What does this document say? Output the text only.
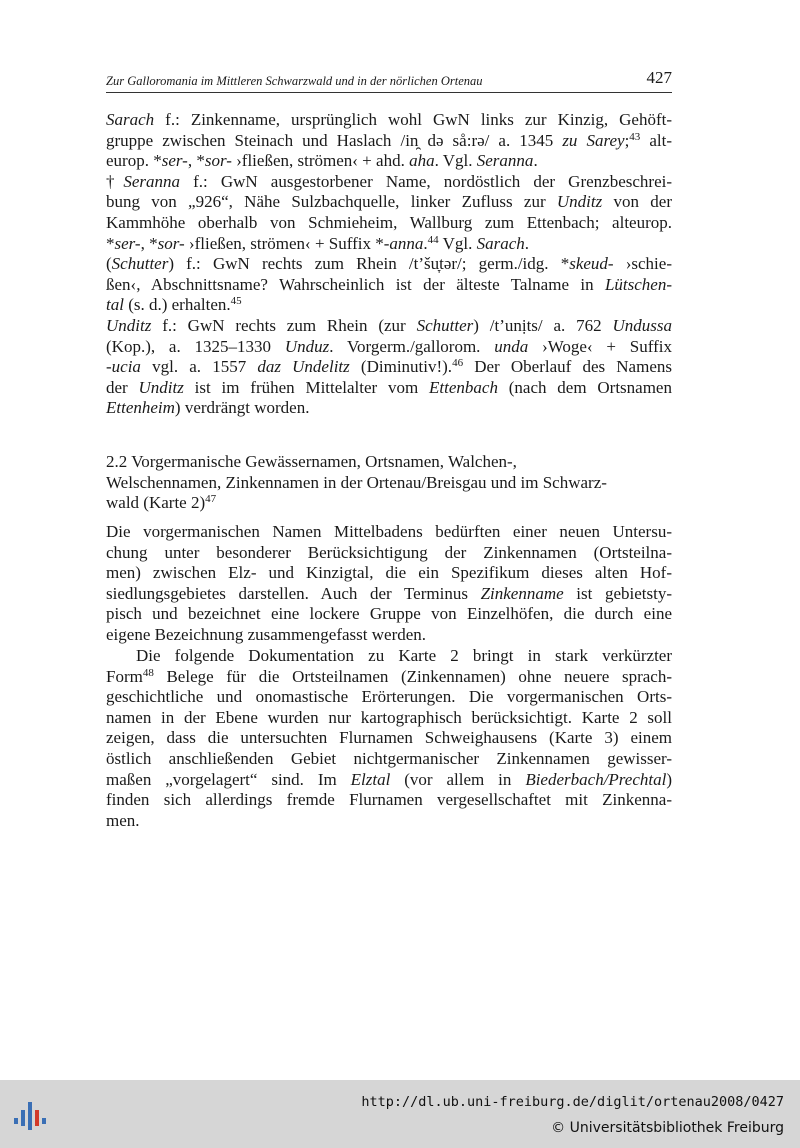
Zur Galloromania im Mittleren Schwarzwald und in der nörlichen Ortenau	427
Sarach f.: Zinkenname, ursprünglich wohl GwN links zur Kinzig, Gehöft-
gruppe zwischen Steinach und Haslach /in̯ də så:rə/ a. 1345 zu Sarey;$^{43}$ alt-
europ. *ser-, *sor- ›fließen, strömen‹ + ahd. aha. Vgl. Seranna.
†Seranna f.: GwN ausgestorbener Name, nordöstlich der Grenzbeschrei-
bung von „926“, Nähe Sulzbachquelle, linker Zufluss zur Unditz von der
Kammhöhe oberhalb von Schmieheim, Wallburg zum Ettenbach; alteurop.
*ser-, *sor- ›fließen, strömen‹ + Suffix *-anna.$^{44}$ Vgl. Sarach.
(Schutter) f.: GwN rechts zum Rhein /t’šu̞tər/; germ./idg. *skeud- ›schie-
ßen‹, Abschnittsname? Wahrscheinlich ist der älteste Talname in Lütschen-
tal (s. d.) erhalten.$^{45}$
Unditz f.: GwN rechts zum Rhein (zur Schutter) /t’unịts/ a. 762 Undussa
(Kop.), a. 1325–1330 Unduz. Vorgerm./gallorom. unda ›Woge‹ + Suffix
-ucia vgl. a. 1557 daz Undelitz (Diminutiv!).$^{46}$ Der Oberlauf des Namens
der Unditz ist im frühen Mittelalter vom Ettenbach (nach dem Ortsnamen
Ettenheim) verdrängt worden.
2.2 Vorgermanische Gewässernamen, Ortsnamen, Walchen-,
Welschennamen, Zinkennamen in der Ortenau/Breisgau und im Schwarz-
wald (Karte 2)$^{47}$
Die vorgermanischen Namen Mittelbadens bedürften einer neuen Untersu-
chung unter besonderer Berücksichtigung der Zinkennamen (Ortsteilna-
men) zwischen Elz- und Kinzigtal, die ein Spezifikum dieses alten Hof-
siedlungsgebietes darstellen. Auch der Terminus Zinkenname ist gebietsty-
pisch und bezeichnet eine lockere Gruppe von Einzelhöfen, die durch eine
eigene Bezeichnung zusammengefasst werden.
Die folgende Dokumentation zu Karte 2 bringt in stark verkürzter
Form$^{48}$ Belege für die Ortsteilnamen (Zinkennamen) ohne neuere sprach-
geschichtliche und onomastische Erörterungen. Die vorgermanischen Orts-
namen in der Ebene wurden nur kartographisch berücksichtigt. Karte 2 soll
zeigen, dass die untersuchten Flurnamen Schweighausens (Karte 3) einem
östlich anschließenden Gebiet nichtgermanischer Zinkennamen gewisser-
maßen „vorgelagert“ sind. Im Elztal (vor allem in Biederbach/Prechtal)
finden sich allerdings fremde Flurnamen vergesellschaftet mit Zinkenna-
men.
http://dl.ub.uni-freiburg.de/diglit/ortenau2008/0427
© Universitätsbibliothek Freiburg
